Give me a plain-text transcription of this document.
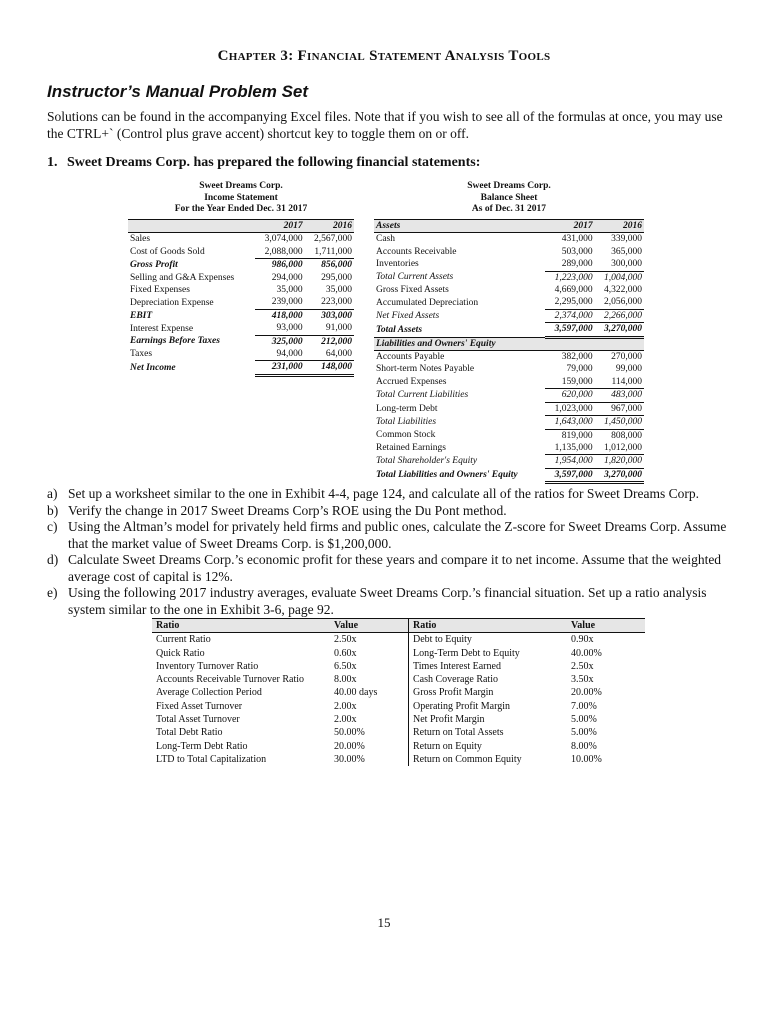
Chapter 3: Financial Statement Analysis Tools
Instructor’s Manual Problem Set
Solutions can be found in the accompanying Excel files. Note that if you wish to see all of the formulas at once, you may use the CTRL+` (Control plus grave accent) shortcut key to toggle them on or off.
1. Sweet Dreams Corp. has prepared the following financial statements:
Sweet Dreams Corp.
Income Statement
For the Year Ended Dec. 31 2017
	2017	2016
Sales	3,074,000	2,567,000
Cost of Goods Sold	2,088,000	1,711,000
Gross Profit	986,000	856,000
Selling and G&A Expenses	294,000	295,000
Fixed Expenses	35,000	35,000
Depreciation Expense	239,000	223,000
EBIT	418,000	303,000
Interest Expense	93,000	91,000
Earnings Before Taxes	325,000	212,000
Taxes	94,000	64,000
Net Income	231,000	148,000
Sweet Dreams Corp.
Balance Sheet
As of Dec. 31 2017
Assets	2017	2016
Cash	431,000	339,000
Accounts Receivable	503,000	365,000
Inventories	289,000	300,000
Total Current Assets	1,223,000	1,004,000
Gross Fixed Assets	4,669,000	4,322,000
Accumulated Depreciation	2,295,000	2,056,000
Net Fixed Assets	2,374,000	2,266,000
Total Assets	3,597,000	3,270,000
Liabilities and Owners' Equity		
Accounts Payable	382,000	270,000
Short-term Notes Payable	79,000	99,000
Accrued Expenses	159,000	114,000
Total Current Liabilities	620,000	483,000
Long-term Debt	1,023,000	967,000
Total Liabilities	1,643,000	1,450,000
Common Stock	819,000	808,000
Retained Earnings	1,135,000	1,012,000
Total Shareholder's Equity	1,954,000	1,820,000
Total Liabilities and Owners' Equity	3,597,000	3,270,000
a) Set up a worksheet similar to the one in Exhibit 4-4, page 124, and calculate all of the ratios for Sweet Dreams Corp.
b) Verify the change in 2017 Sweet Dreams Corp’s ROE using the Du Pont method.
c) Using the Altman’s model for privately held firms and public ones, calculate the Z-score for Sweet Dreams Corp. Assume that the market value of Sweet Dreams Corp. is $1,200,000.
d) Calculate Sweet Dreams Corp.’s economic profit for these years and compare it to net income. Assume that the weighted average cost of capital is 12%.
e) Using the following 2017 industry averages, evaluate Sweet Dreams Corp.’s financial situation. Set up a ratio analysis system similar to the one in Exhibit 3-6, page 92.
Ratio	Value	Ratio	Value
Current Ratio	2.50x	Debt to Equity	0.90x
Quick Ratio	0.60x	Long-Term Debt to Equity	40.00%
Inventory Turnover Ratio	6.50x	Times Interest Earned	2.50x
Accounts Receivable Turnover Ratio	8.00x	Cash Coverage Ratio	3.50x
Average Collection Period	40.00 days	Gross Profit Margin	20.00%
Fixed Asset Turnover	2.00x	Operating Profit Margin	7.00%
Total Asset Turnover	2.00x	Net Profit Margin	5.00%
Total Debt Ratio	50.00%	Return on Total Assets	5.00%
Long-Term Debt Ratio	20.00%	Return on Equity	8.00%
LTD to Total Capitalization	30.00%	Return on Common Equity	10.00%
15
